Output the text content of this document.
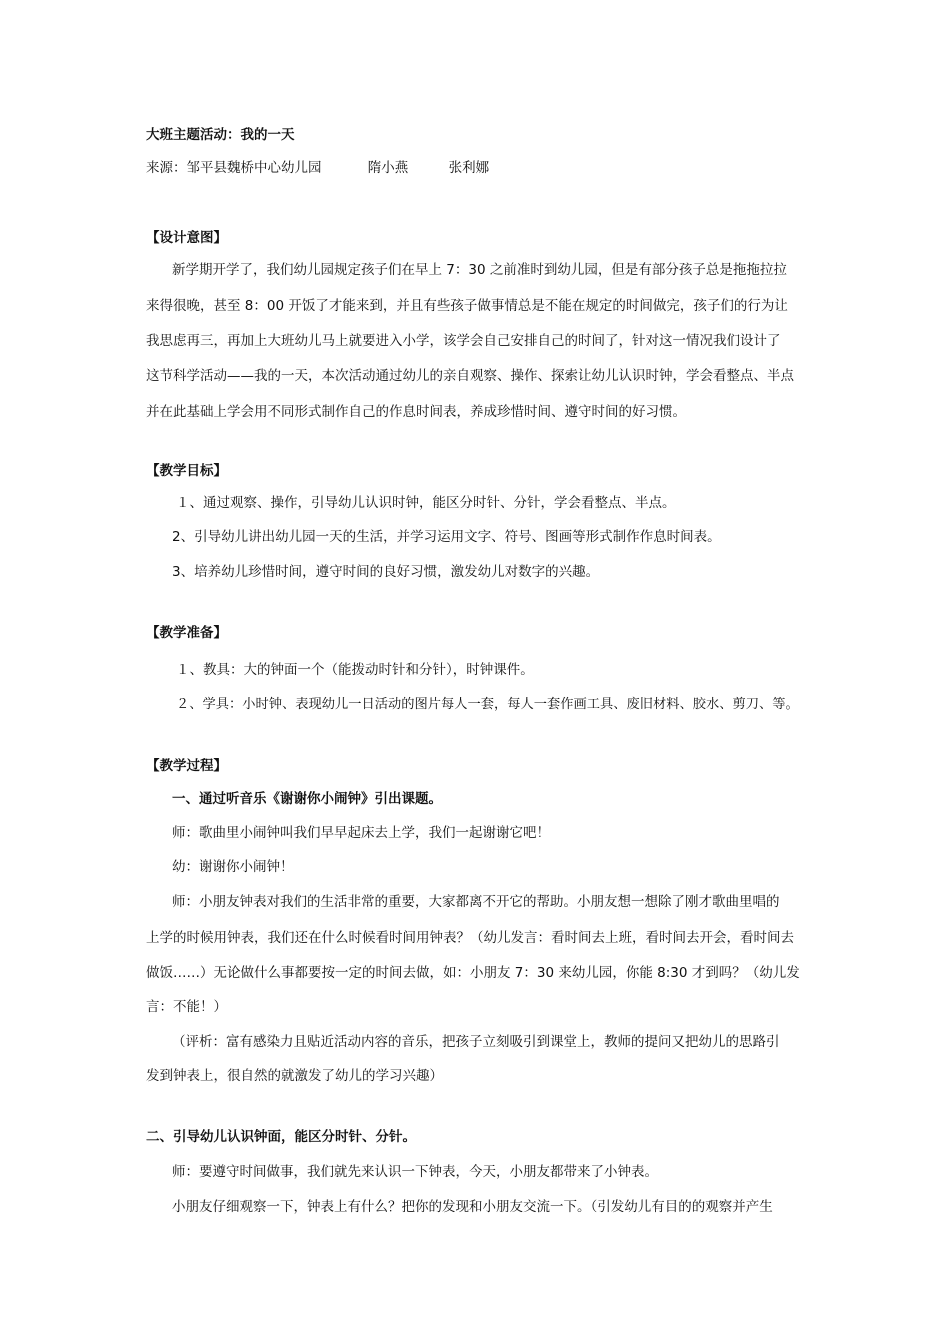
大班主题活动：我的一天
来源：邹平县魏桥中心幼儿园	隋小燕	张利娜
【设计意图】
新学期开学了，我们幼儿园规定孩子们在早上 7：30 之前准时到幼儿园，但是有部分孩子总是拖拖拉拉
来得很晚，甚至 8：00 开饭了才能来到，并且有些孩子做事情总是不能在规定的时间做完，孩子们的行为让
我思虑再三，再加上大班幼儿马上就要进入小学，该学会自己安排自己的时间了，针对这一情况我们设计了
这节科学活动——我的一天，本次活动通过幼儿的亲自观察、操作、探索让幼儿认识时钟，学会看整点、半点
并在此基础上学会用不同形式制作自己的作息时间表，养成珍惜时间、遵守时间的好习惯。
【教学目标】
１、通过观察、操作，引导幼儿认识时钟，能区分时针、分针，学会看整点、半点。
2、引导幼儿讲出幼儿园一天的生活，并学习运用文字、符号、图画等形式制作作息时间表。
3、培养幼儿珍惜时间，遵守时间的良好习惯，激发幼儿对数字的兴趣。
【教学准备】
１、教具：大的钟面一个（能拨动时针和分针），时钟课件。
２、学具：小时钟、表现幼儿一日活动的图片每人一套，每人一套作画工具、废旧材料、胶水、剪刀、等。
【教学过程】
一、通过听音乐《谢谢你小闹钟》引出课题。
师：歌曲里小闹钟叫我们早早起床去上学，我们一起谢谢它吧！
幼：谢谢你小闹钟！
师：小朋友钟表对我们的生活非常的重要，大家都离不开它的帮助。小朋友想一想除了刚才歌曲里唱的
上学的时候用钟表，我们还在什么时候看时间用钟表？（幼儿发言：看时间去上班，看时间去开会，看时间去
做饭……）无论做什么事都要按一定的时间去做，如：小朋友 7：30 来幼儿园，你能 8:30 才到吗？（幼儿发
言：不能！）
（评析：富有感染力且贴近活动内容的音乐，把孩子立刻吸引到课堂上，教师的提问又把幼儿的思路引
发到钟表上，很自然的就激发了幼儿的学习兴趣）
二、引导幼儿认识钟面，能区分时针、分针。
师：要遵守时间做事，我们就先来认识一下钟表，今天，小朋友都带来了小钟表。
小朋友仔细观察一下，钟表上有什么？把你的发现和小朋友交流一下。（引发幼儿有目的的观察并产生
